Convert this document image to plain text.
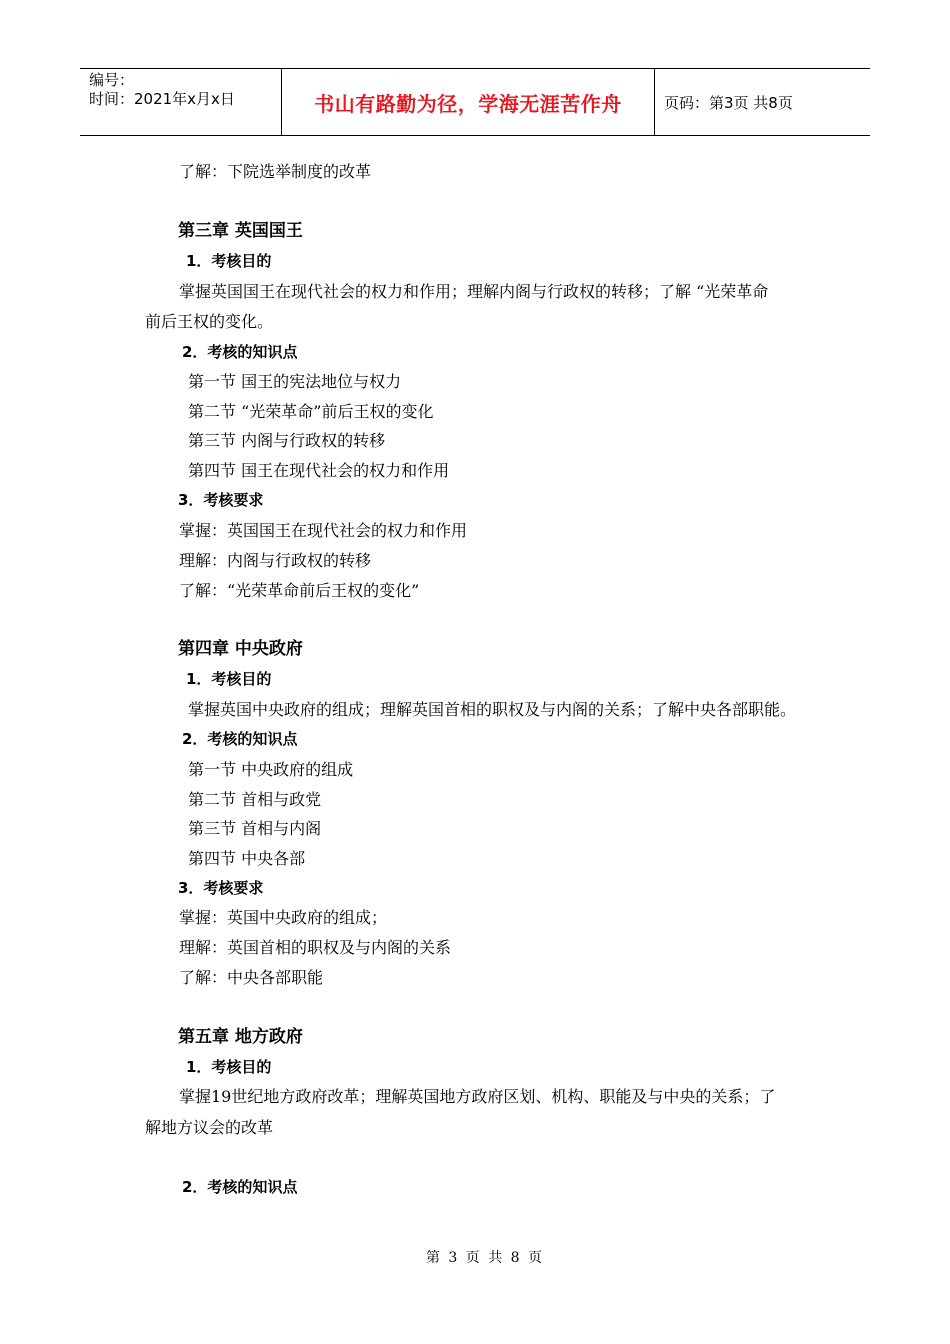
编号：
时间：2021年x月x日	书山有路勤为径，学海无涯苦作舟	页码：第3页 共8页
了解：下院选举制度的改革
第三章 英国国王
1．考核目的
掌握英国国王在现代社会的权力和作用；理解内阁与行政权的转移；了解 “光荣革命
前后王权的变化。
2．考核的知识点
第一节 国王的宪法地位与权力
第二节 “光荣革命”前后王权的变化
第三节 内阁与行政权的转移
第四节 国王在现代社会的权力和作用
3．考核要求
掌握：英国国王在现代社会的权力和作用
理解：内阁与行政权的转移
了解：“光荣革命前后王权的变化”
第四章 中央政府
1．考核目的
掌握英国中央政府的组成；理解英国首相的职权及与内阁的关系；了解中央各部职能。
2．考核的知识点
第一节 中央政府的组成
第二节 首相与政党
第三节 首相与内阁
第四节 中央各部
3．考核要求
掌握：英国中央政府的组成；
理解：英国首相的职权及与内阁的关系
了解：中央各部职能
第五章 地方政府
1．考核目的
掌握19世纪地方政府改革；理解英国地方政府区划、机构、职能及与中央的关系；了
解地方议会的改革
2．考核的知识点
第 3 页 共 8 页
